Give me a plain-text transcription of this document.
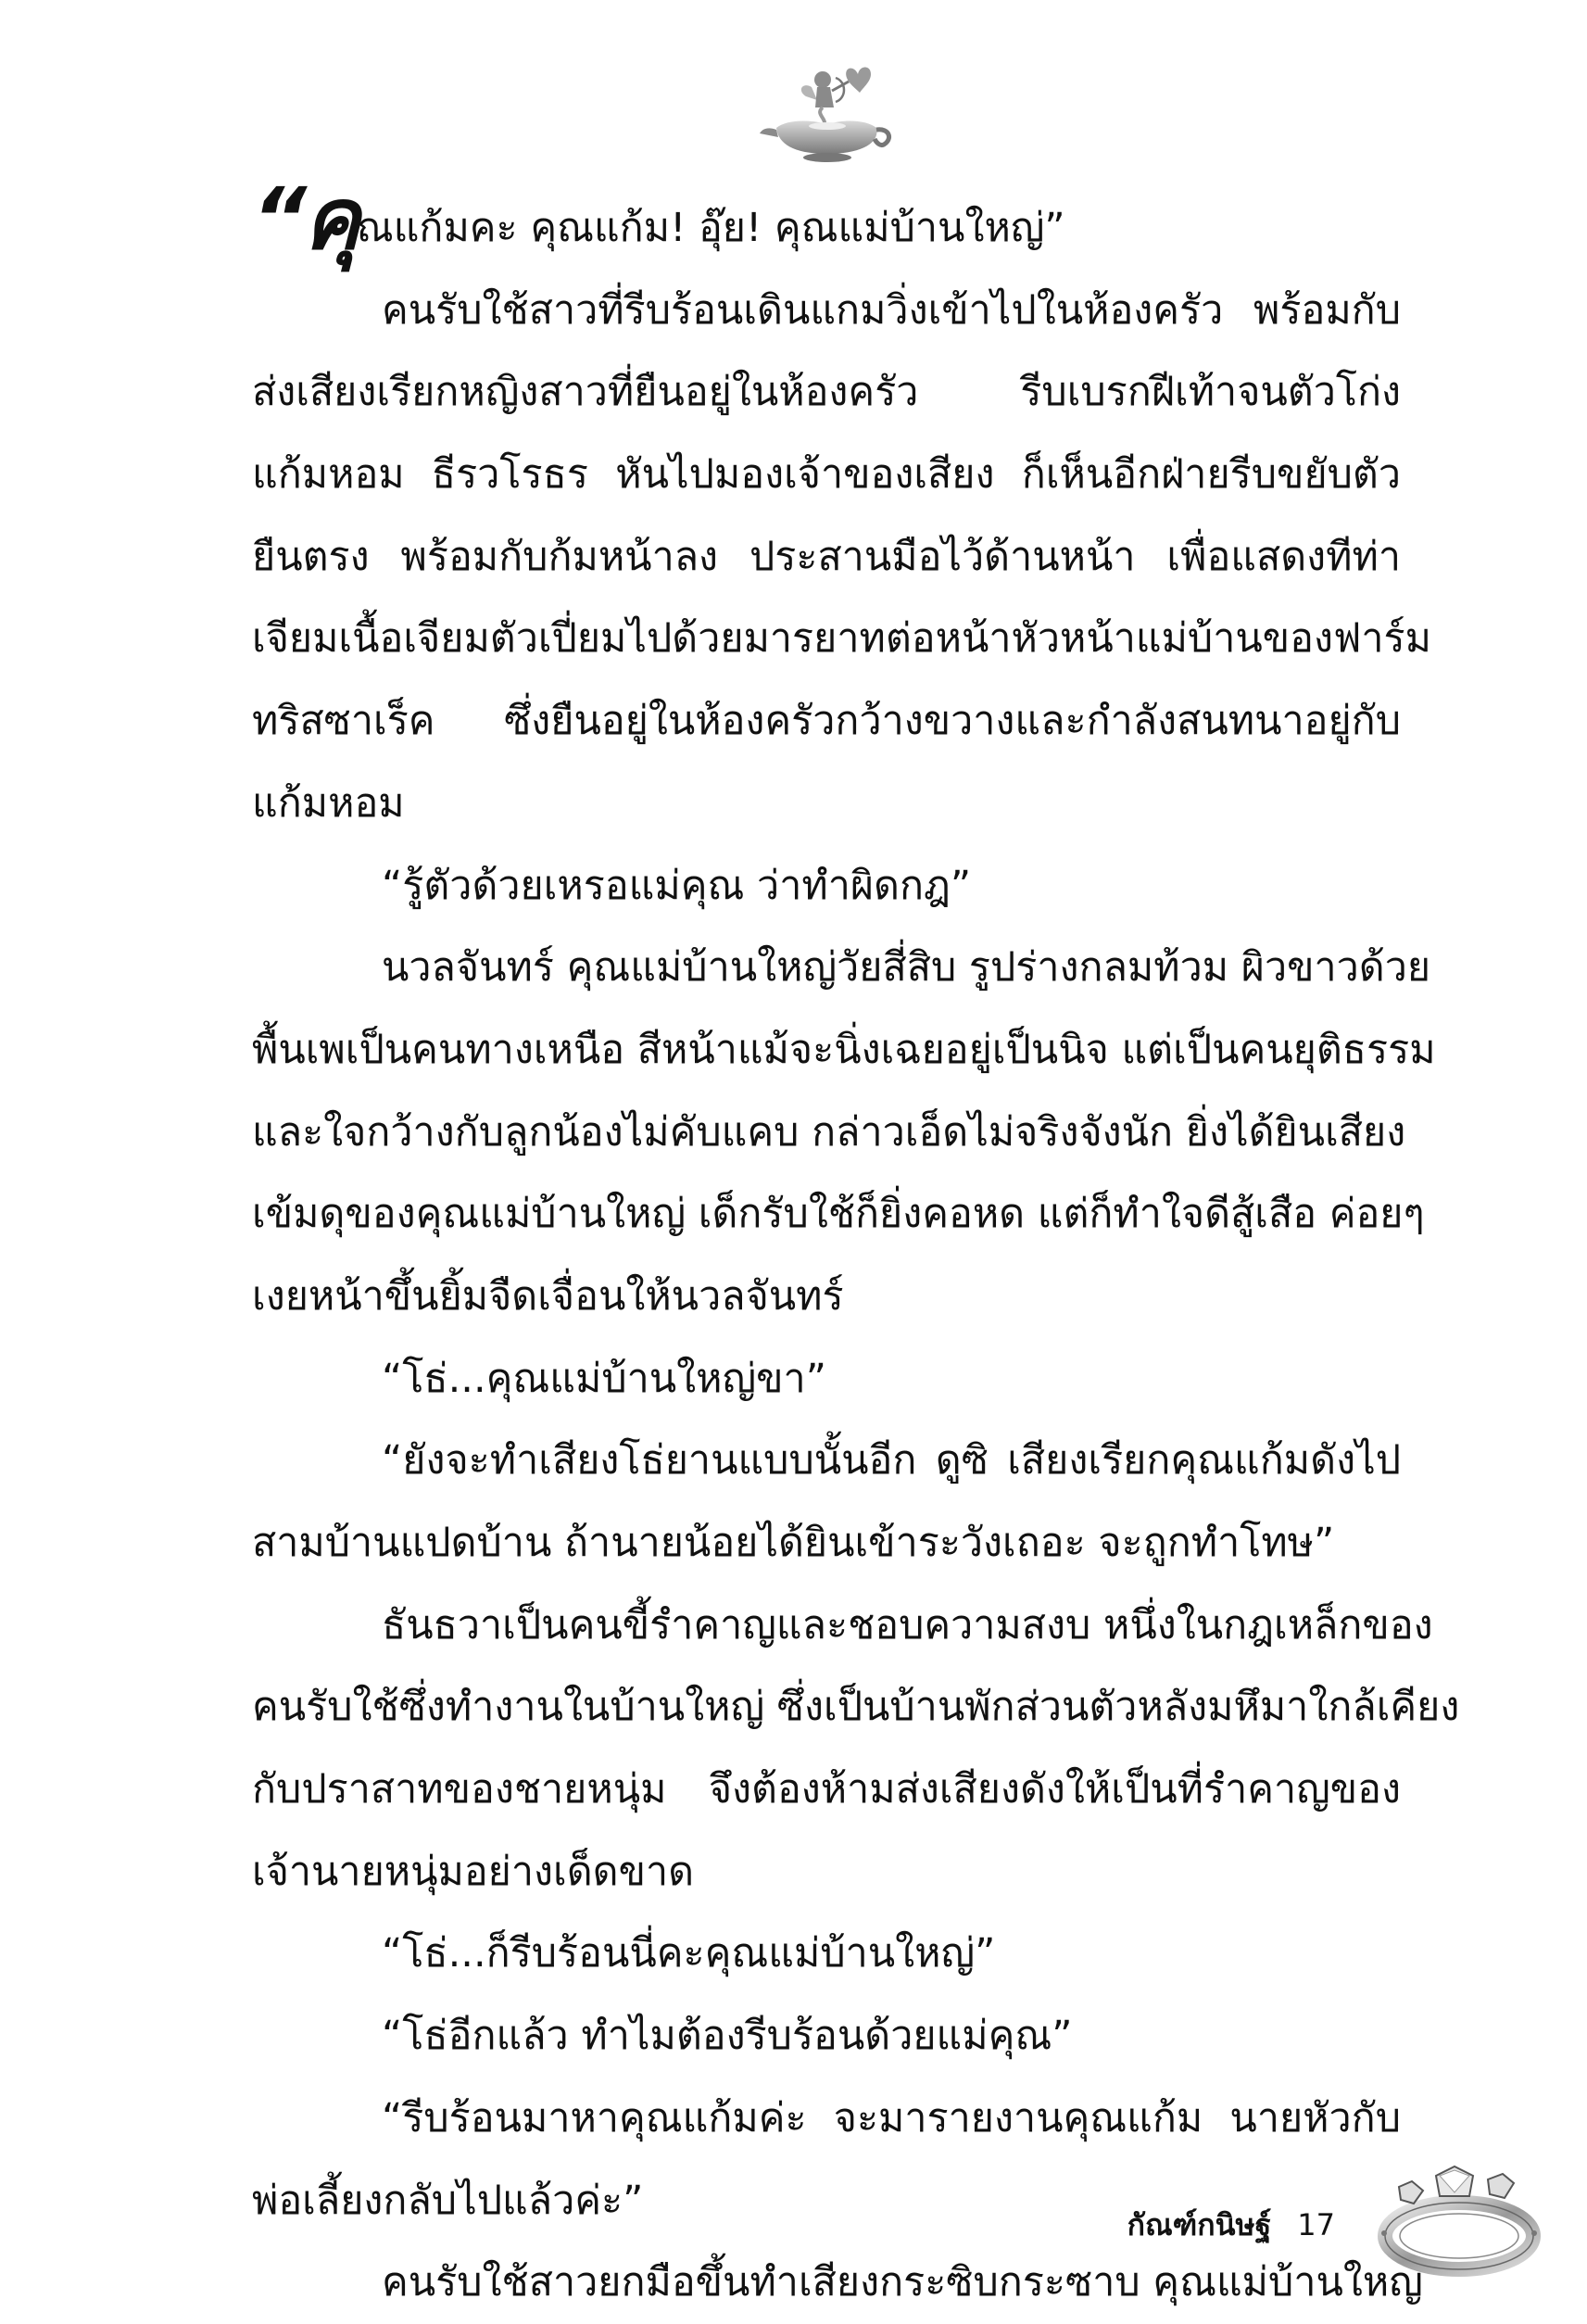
“คุณแก้มคะ คุณแก้ม! อุ๊ย! คุณแม่บ้านใหญ่”
คนรับใช้สาวที่รีบร้อนเดินแกมวิ่งเข้าไปในห้องครัว พร้อมกับ
ส่งเสียงเรียกหญิงสาวที่ยืนอยู่ในห้องครัว รีบเบรกฝีเท้าจนตัวโก่ง
แก้มหอม ธีรวโรธร หันไปมองเจ้าของเสียง ก็เห็นอีกฝ่ายรีบขยับตัว
ยืนตรง พร้อมกับก้มหน้าลง ประสานมือไว้ด้านหน้า เพื่อแสดงทีท่า
เจียมเนื้อเจียมตัวเปี่ยมไปด้วยมารยาทต่อหน้าหัวหน้าแม่บ้านของฟาร์ม
ทริสซาเร็ค ซึ่งยืนอยู่ในห้องครัวกว้างขวางและกำลังสนทนาอยู่กับ
แก้มหอม
“รู้ตัวด้วยเหรอแม่คุณ ว่าทำผิดกฎ”
นวลจันทร์ คุณแม่บ้านใหญ่วัยสี่สิบ รูปร่างกลมท้วม ผิวขาวด้วย
พื้นเพเป็นคนทางเหนือ สีหน้าแม้จะนิ่งเฉยอยู่เป็นนิจ แต่เป็นคนยุติธรรม
และใจกว้างกับลูกน้องไม่คับแคบ กล่าวเอ็ดไม่จริงจังนัก ยิ่งได้ยินเสียง
เข้มดุของคุณแม่บ้านใหญ่ เด็กรับใช้ก็ยิ่งคอหด แต่ก็ทำใจดีสู้เสือ ค่อยๆ
เงยหน้าขึ้นยิ้มจืดเจื่อนให้นวลจันทร์
“โธ่...คุณแม่บ้านใหญ่ขา”
“ยังจะทำเสียงโธ่ยานแบบนั้นอีก ดูซิ เสียงเรียกคุณแก้มดังไป
สามบ้านแปดบ้าน ถ้านายน้อยได้ยินเข้าระวังเถอะ จะถูกทำโทษ”
ธันธวาเป็นคนขี้รำคาญและชอบความสงบ หนึ่งในกฎเหล็กของ
คนรับใช้ซึ่งทำงานในบ้านใหญ่ ซึ่งเป็นบ้านพักส่วนตัวหลังมหึมาใกล้เคียง
กับปราสาทของชายหนุ่ม จึงต้องห้ามส่งเสียงดังให้เป็นที่รำคาญของ
เจ้านายหนุ่มอย่างเด็ดขาด
“โธ่...ก็รีบร้อนนี่คะคุณแม่บ้านใหญ่”
“โธ่อีกแล้ว ทำไมต้องรีบร้อนด้วยแม่คุณ”
“รีบร้อนมาหาคุณแก้มค่ะ จะมารายงานคุณแก้ม นายหัวกับ
พ่อเลี้ยงกลับไปแล้วค่ะ”
คนรับใช้สาวยกมือขึ้นทำเสียงกระซิบกระซาบ คุณแม่บ้านใหญ่
กัณฑ์กนิษฐ์ 17
